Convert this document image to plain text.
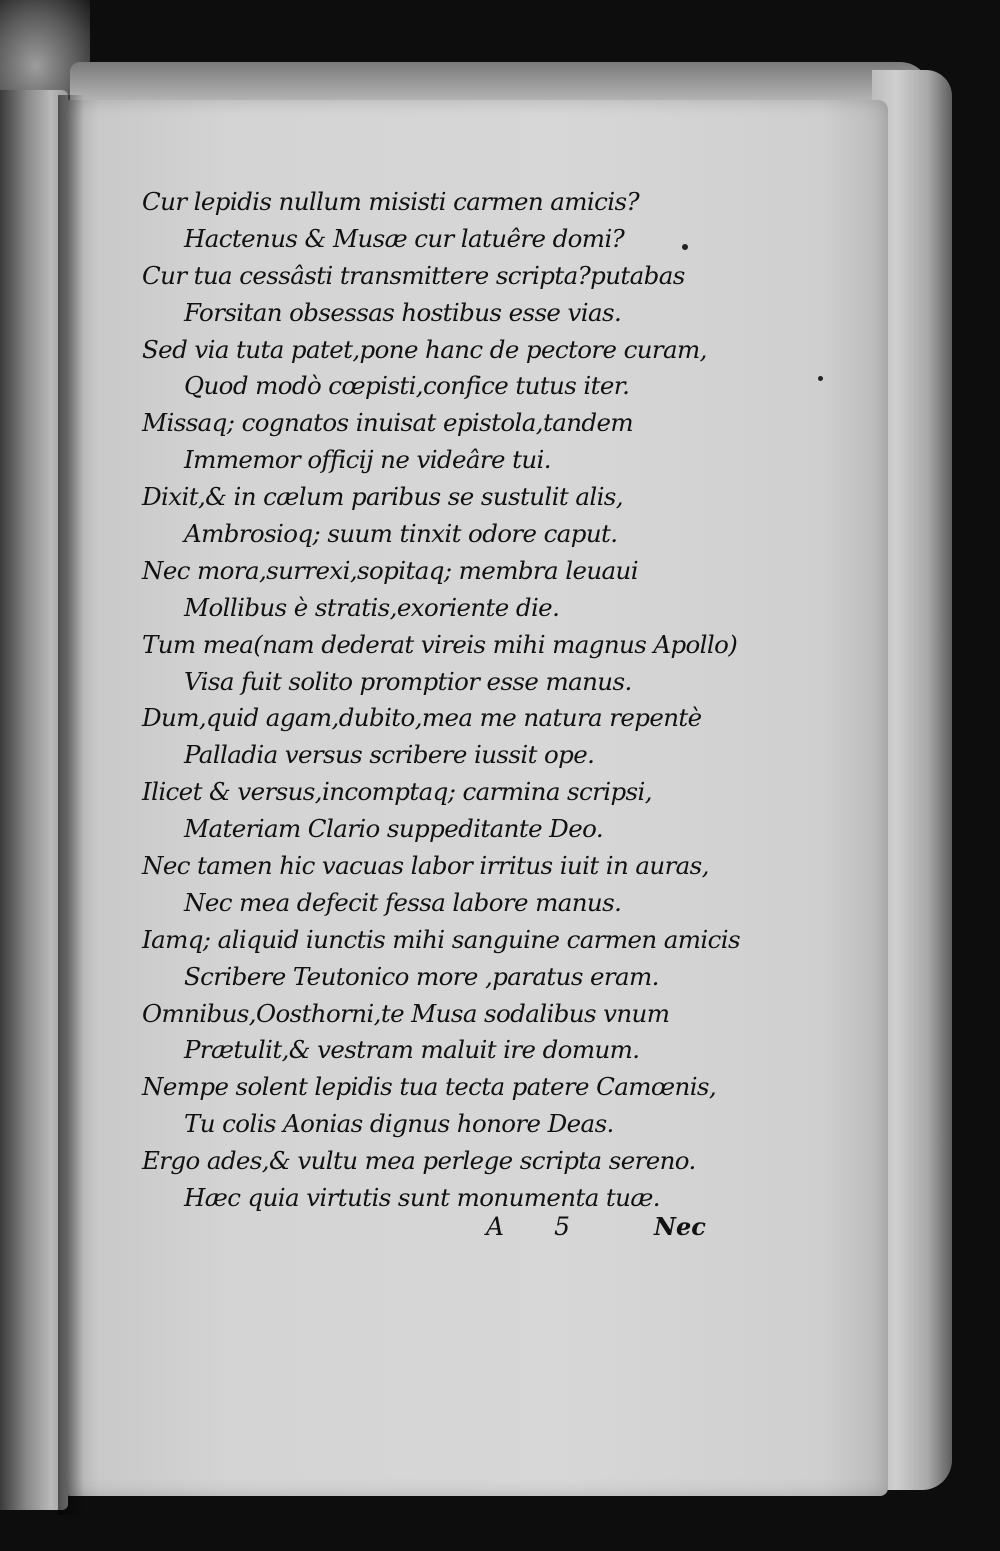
Cur lepidis nullum misisti carmen amicis?
Hactenus & Musæ cur latuêre domi?
Cur tua cessâsti transmittere scripta?putabas
Forsitan obsessas hostibus esse vias.
Sed via tuta patet,pone hanc de pectore curam,
Quod modò cœpisti,confice tutus iter.
Missaq; cognatos inuisat epistola,tandem
Immemor officij ne videâre tui.
Dixit,& in cælum paribus se sustulit alis,
Ambrosioq; suum tinxit odore caput.
Nec mora,surrexi,sopitaq; membra leuaui
Mollibus è stratis,exoriente die.
Tum mea(nam dederat vireis mihi magnus Apollo)
Visa fuit solito promptior esse manus.
Dum,quid agam,dubito,mea me natura repentè
Palladia versus scribere iussit ope.
Ilicet & versus,incomptaq; carmina scripsi,
Materiam Clario suppeditante Deo.
Nec tamen hic vacuas labor irritus iuit in auras,
Nec mea defecit fessa labore manus.
Iamq; aliquid iunctis mihi sanguine carmen amicis
Scribere Teutonico more ,paratus eram.
Omnibus,Oosthorni,te Musa sodalibus vnum
Prætulit,& vestram maluit ire domum.
Nempe solent lepidis tua tecta patere Camœnis,
Tu colis Aonias dignus honore Deas.
Ergo ades,& vultu mea perlege scripta sereno.
Hæc quia virtutis sunt monumenta tuæ.
A 5	Nec
